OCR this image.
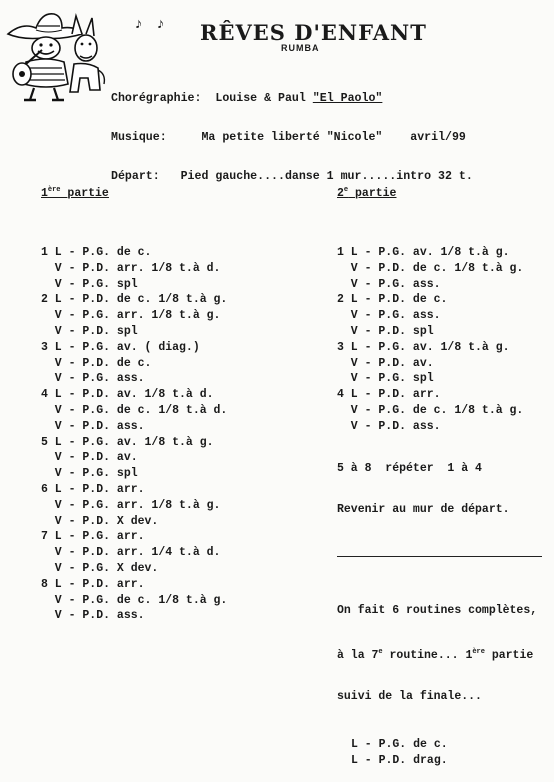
♪ ♪ RÊVES D'ENFANT
RUMBA

Chorégraphie: Louise & Paul "El Paolo"

Musique:	Ma petite liberté "Nicole" avril/99

Départ: Pied gauche....danse 1 mur.....intro 32 t.

1ère partie

1 L - P.G. de c.
V - P.D. arr. 1/8 t.à d.
V - P.G. spl
2 L - P.D. de c. 1/8 t.à g.
V - P.G. arr. 1/8 t.à g.
V - P.D. spl
3 L - P.G. av. ( diag.)
V - P.D. de c.
V - P.G. ass.
4 L - P.D. av. 1/8 t.à d.
V - P.G. de c. 1/8 t.à d.
V - P.D. ass.
5 L - P.G. av. 1/8 t.à g.
V - P.D. av.
V - P.G. spl
6 L - P.D. arr.
V - P.G. arr. 1/8 t.à g.
V - P.D. X dev.
7 L - P.G. arr.
V - P.D. arr. 1/4 t.à d.
V - P.G. X dev.
8 L - P.D. arr.
V - P.G. de c. 1/8 t.à g.
V - P.D. ass.

2e partie

1 L - P.G. av. 1/8 t.à g.
V - P.D. de c. 1/8 t.à g.
V - P.G. ass.
2 L - P.D. de c.
V - P.G. ass.
V - P.D. spl
3 L - P.G. av. 1/8 t.à g.
V - P.D. av.
V - P.G. spl
4 L - P.D. arr.
V - P.G. de c. 1/8 t.à g.
V - P.D. ass.

5 à 8  répéter  1 à 4

Revenir au mur de départ.

On fait 6 routines complètes,

à la 7e routine... 1ère partie

suivi de la finale...

L - P.G. de c.
L - P.D. drag.
